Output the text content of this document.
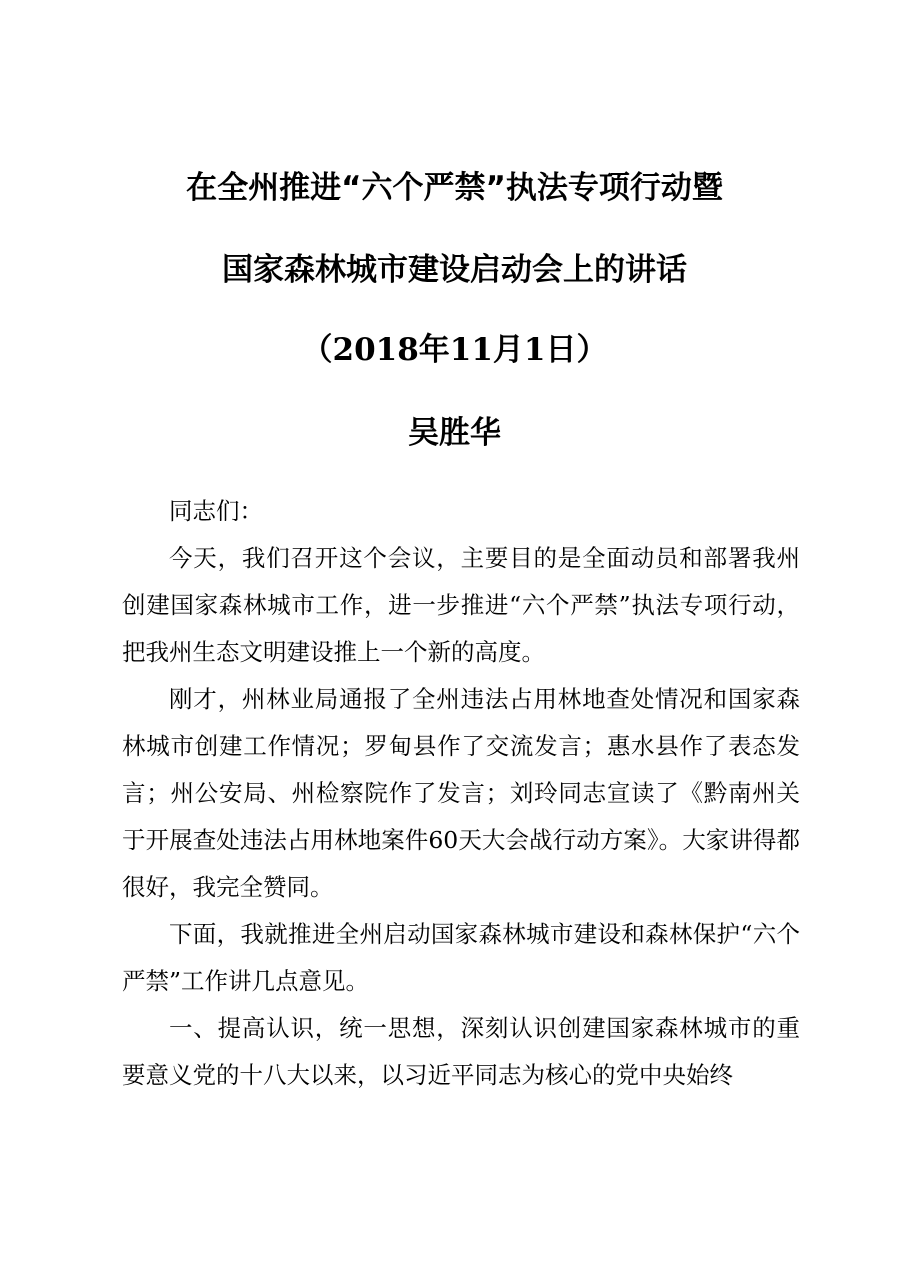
在全州推进“六个严禁”执法专项行动暨
国家森林城市建设启动会上的讲话
（2018年11月1日）
吴胜华

同志们：

今天，我们召开这个会议，主要目的是全面动员和部署我州创建国家森林城市工作，进一步推进“六个严禁”执法专项行动，把我州生态文明建设推上一个新的高度。

刚才，州林业局通报了全州违法占用林地查处情况和国家森林城市创建工作情况；罗甸县作了交流发言；惠水县作了表态发言；州公安局、州检察院作了发言；刘玲同志宣读了《黔南州关于开展查处违法占用林地案件60天大会战行动方案》。大家讲得都很好，我完全赞同。

下面，我就推进全州启动国家森林城市建设和森林保护“六个严禁”工作讲几点意见。

一、提高认识，统一思想，深刻认识创建国家森林城市的重要意义党的十八大以来，以习近平同志为核心的党中央始终
